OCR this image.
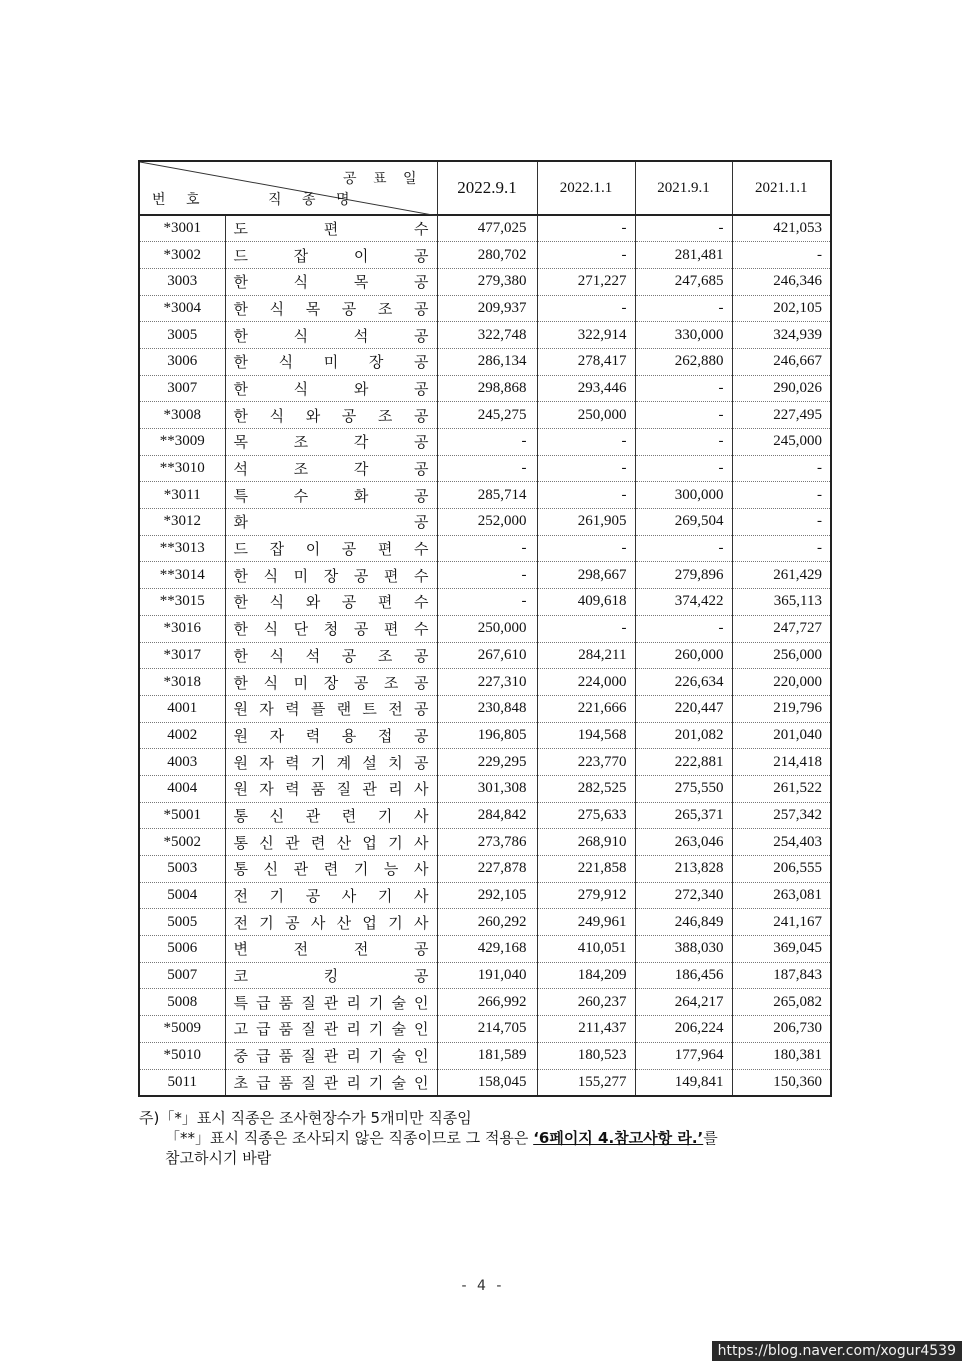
공 표 일
번 호 직 종 명		2022.9.1	2022.1.1	2021.9.1	2021.1.1
*3001	도 편 수	477,025	-	-	421,053
*3002	드 잡 이 공	280,702	-	281,481	-
3003	한 식 목 공	279,380	271,227	247,685	246,346
*3004	한 식 목 공 조 공	209,937	-	-	202,105
3005	한 식 석 공	322,748	322,914	330,000	324,939
3006	한 식 미 장 공	286,134	278,417	262,880	246,667
3007	한 식 와 공	298,868	293,446	-	290,026
*3008	한 식 와 공 조 공	245,275	250,000	-	227,495
**3009	목 조 각 공	-	-	-	245,000
**3010	석 조 각 공	-	-	-	-
*3011	특 수 화 공	285,714	-	300,000	-
*3012	화 공	252,000	261,905	269,504	-
**3013	드 잡 이 공 편 수	-	-	-	-
**3014	한 식 미 장 공 편 수	-	298,667	279,896	261,429
**3015	한 식 와 공 편 수	-	409,618	374,422	365,113
*3016	한 식 단 청 공 편 수	250,000	-	-	247,727
*3017	한 식 석 공 조 공	267,610	284,211	260,000	256,000
*3018	한 식 미 장 공 조 공	227,310	224,000	226,634	220,000
4001	원 자 력 플 랜 트 전 공	230,848	221,666	220,447	219,796
4002	원 자 력 용 접 공	196,805	194,568	201,082	201,040
4003	원 자 력 기 계 설 치 공	229,295	223,770	222,881	214,418
4004	원 자 력 품 질 관 리 사	301,308	282,525	275,550	261,522
*5001	통 신 관 련 기 사	284,842	275,633	265,371	257,342
*5002	통 신 관 련 산 업 기 사	273,786	268,910	263,046	254,403
5003	통 신 관 련 기 능 사	227,878	221,858	213,828	206,555
5004	전 기 공 사 기 사	292,105	279,912	272,340	263,081
5005	전 기 공 사 산 업 기 사	260,292	249,961	246,849	241,167
5006	변 전 전 공	429,168	410,051	388,030	369,045
5007	코 킹 공	191,040	184,209	186,456	187,843
5008	특 급 품 질 관 리 기 술 인	266,992	260,237	264,217	265,082
*5009	고 급 품 질 관 리 기 술 인	214,705	211,437	206,224	206,730
*5010	중 급 품 질 관 리 기 술 인	181,589	180,523	177,964	180,381
5011	초 급 품 질 관 리 기 술 인	158,045	155,277	149,841	150,360
주)「*」표시 직종은 조사현장수가 5개미만 직종임
「**」표시 직종은 조사되지 않은 직종이므로 그 적용은 ‘6페이지 4.참고사항 라.’를
참고하시기 바람
- 4 -
https://blog.naver.com/xogur4539
